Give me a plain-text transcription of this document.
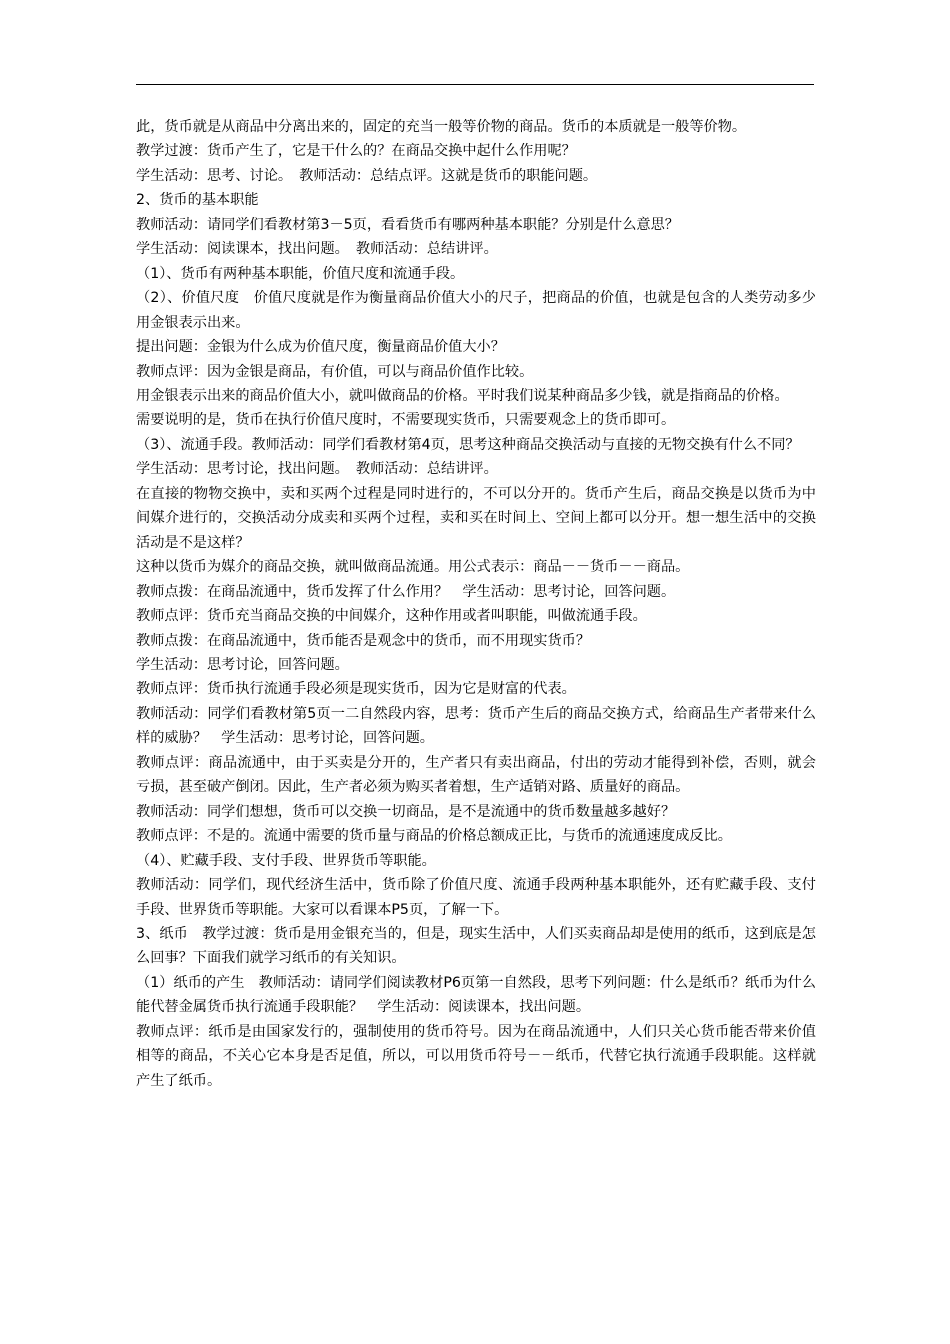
此，货币就是从商品中分离出来的，固定的充当一般等价物的商品。货币的本质就是一般等价物。

教学过渡：货币产生了，它是干什么的？在商品交换中起什么作用呢？

学生活动：思考、讨论。　教师活动：总结点评。这就是货币的职能问题。

2、货币的基本职能

教师活动：请同学们看教材第3－5页，看看货币有哪两种基本职能？分别是什么意思？

学生活动：阅读课本，找出问题。　教师活动：总结讲评。

（1）、货币有两种基本职能，价值尺度和流通手段。

（2）、价值尺度　价值尺度就是作为衡量商品价值大小的尺子，把商品的价值，也就是包含的人类劳动多少用金银表示出来。

提出问题：金银为什么成为价值尺度，衡量商品价值大小？

教师点评：因为金银是商品，有价值，可以与商品价值作比较。

用金银表示出来的商品价值大小，就叫做商品的价格。平时我们说某种商品多少钱，就是指商品的价格。

需要说明的是，货币在执行价值尺度时，不需要现实货币，只需要观念上的货币即可。

（3）、流通手段。教师活动：同学们看教材第4页，思考这种商品交换活动与直接的无物交换有什么不同？

学生活动：思考讨论，找出问题。　教师活动：总结讲评。

在直接的物物交换中，卖和买两个过程是同时进行的，不可以分开的。货币产生后，商品交换是以货币为中间媒介进行的，交换活动分成卖和买两个过程，卖和买在时间上、空间上都可以分开。想一想生活中的交换活动是不是这样？

这种以货币为媒介的商品交换，就叫做商品流通。用公式表示：商品－－货币－－商品。

教师点拨：在商品流通中，货币发挥了什么作用？　学生活动：思考讨论，回答问题。

教师点评：货币充当商品交换的中间媒介，这种作用或者叫职能，叫做流通手段。

教师点拨：在商品流通中，货币能否是观念中的货币，而不用现实货币？

学生活动：思考讨论，回答问题。

教师点评：货币执行流通手段必须是现实货币，因为它是财富的代表。

教师活动：同学们看教材第5页一二自然段内容，思考：货币产生后的商品交换方式，给商品生产者带来什么样的威胁？　学生活动：思考讨论，回答问题。

教师点评：商品流通中，由于买卖是分开的，生产者只有卖出商品，付出的劳动才能得到补偿，否则，就会亏损，甚至破产倒闭。因此，生产者必须为购买者着想，生产适销对路、质量好的商品。

教师活动：同学们想想，货币可以交换一切商品，是不是流通中的货币数量越多越好？

教师点评：不是的。流通中需要的货币量与商品的价格总额成正比，与货币的流通速度成反比。

（4）、贮藏手段、支付手段、世界货币等职能。

教师活动：同学们，现代经济生活中，货币除了价值尺度、流通手段两种基本职能外，还有贮藏手段、支付手段、世界货币等职能。大家可以看课本P5页，了解一下。

3、纸币　教学过渡：货币是用金银充当的，但是，现实生活中，人们买卖商品却是使用的纸币，这到底是怎么回事？下面我们就学习纸币的有关知识。

（1）纸币的产生　教师活动：请同学们阅读教材P6页第一自然段，思考下列问题：什么是纸币？纸币为什么能代替金属货币执行流通手段职能？　学生活动：阅读课本，找出问题。

教师点评：纸币是由国家发行的，强制使用的货币符号。因为在商品流通中，人们只关心货币能否带来价值相等的商品，不关心它本身是否足值，所以，可以用货币符号－－纸币，代替它执行流通手段职能。这样就产生了纸币。
